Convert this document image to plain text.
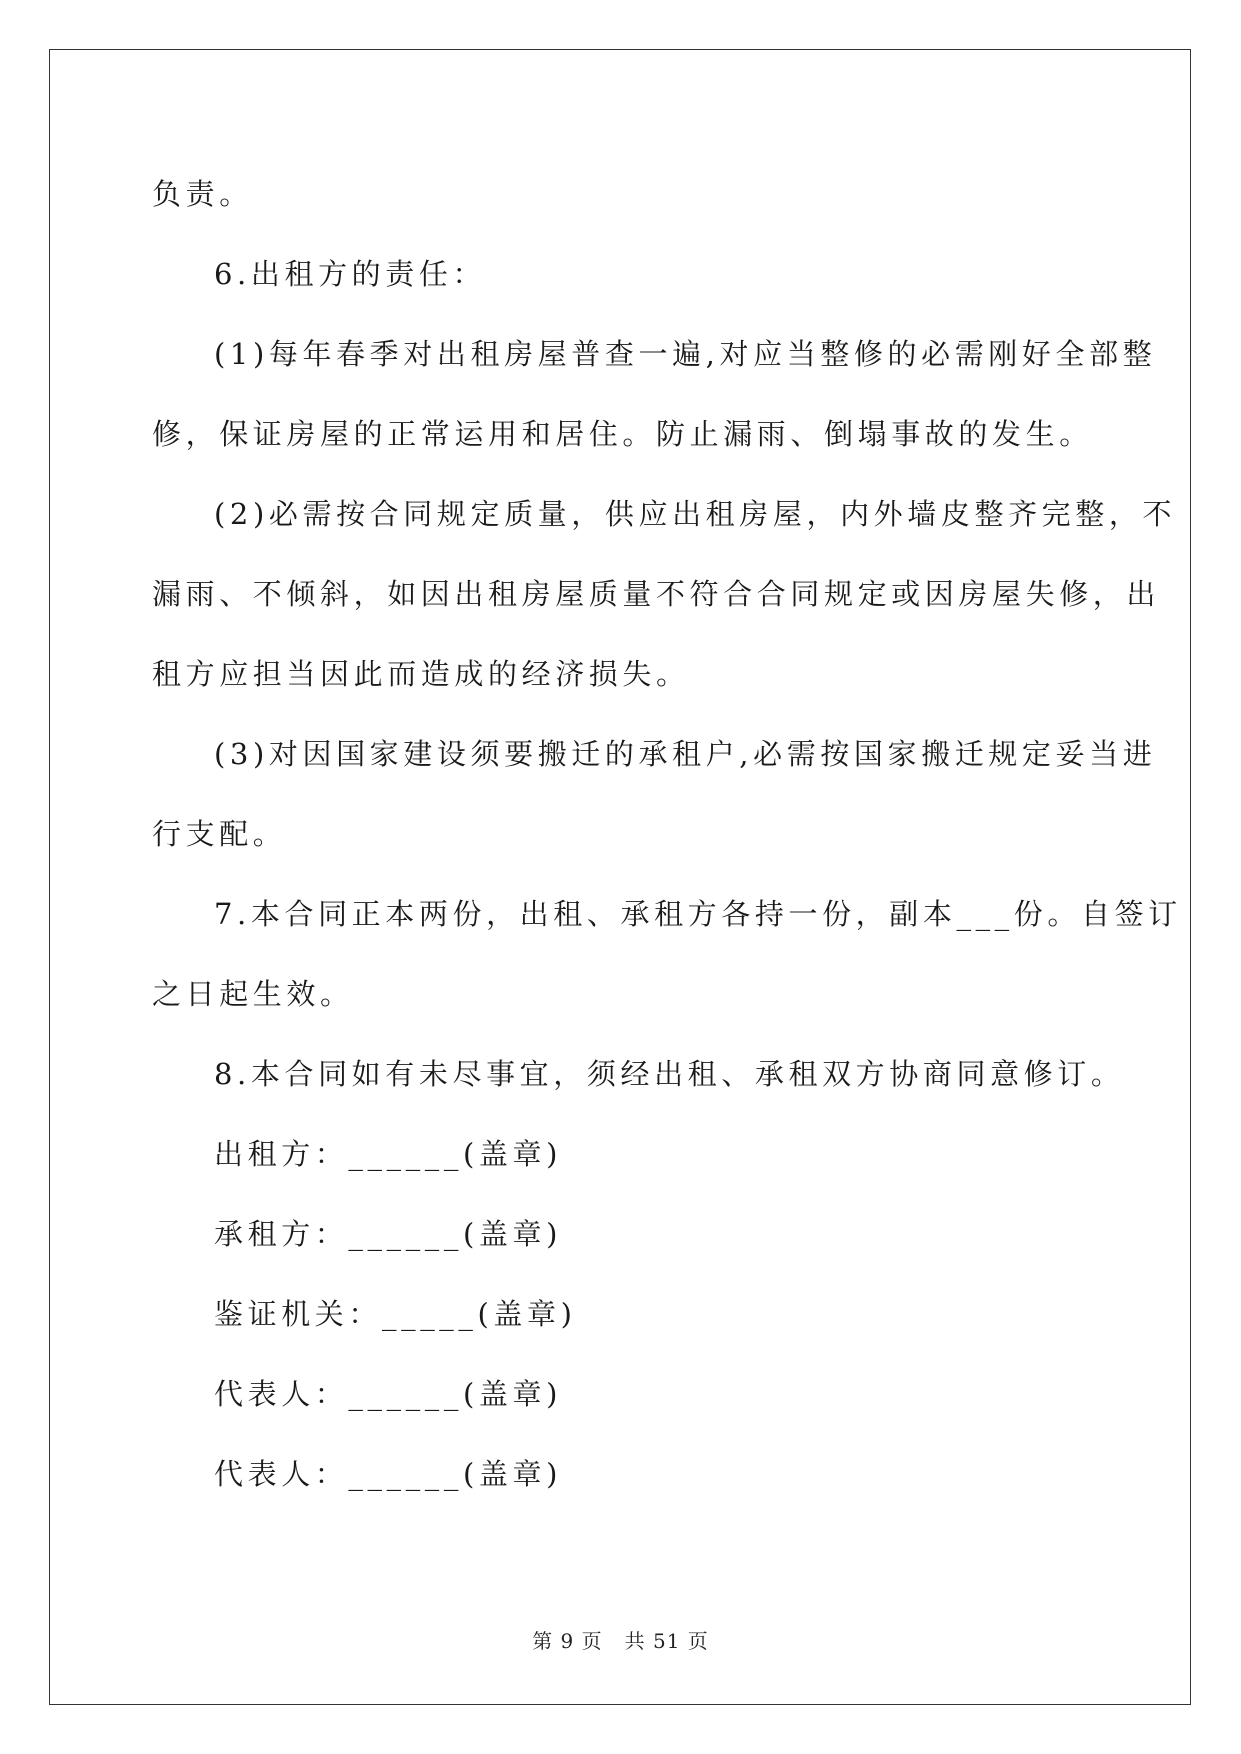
负责。
6.出租方的责任：
(1)每年春季对出租房屋普查一遍,对应当整修的必需刚好全部整
修，保证房屋的正常运用和居住。防止漏雨、倒塌事故的发生。
(2)必需按合同规定质量，供应出租房屋，内外墙皮整齐完整，不
漏雨、不倾斜，如因出租房屋质量不符合合同规定或因房屋失修，出
租方应担当因此而造成的经济损失。
(3)对因国家建设须要搬迁的承租户,必需按国家搬迁规定妥当进
行支配。
7.本合同正本两份，出租、承租方各持一份，副本___份。自签订
之日起生效。
8.本合同如有未尽事宜，须经出租、承租双方协商同意修订。
出租方：______(盖章)
承租方：______(盖章)
鉴证机关：_____(盖章)
代表人：______(盖章)
代表人：______(盖章)
第 9 页 共 51 页
